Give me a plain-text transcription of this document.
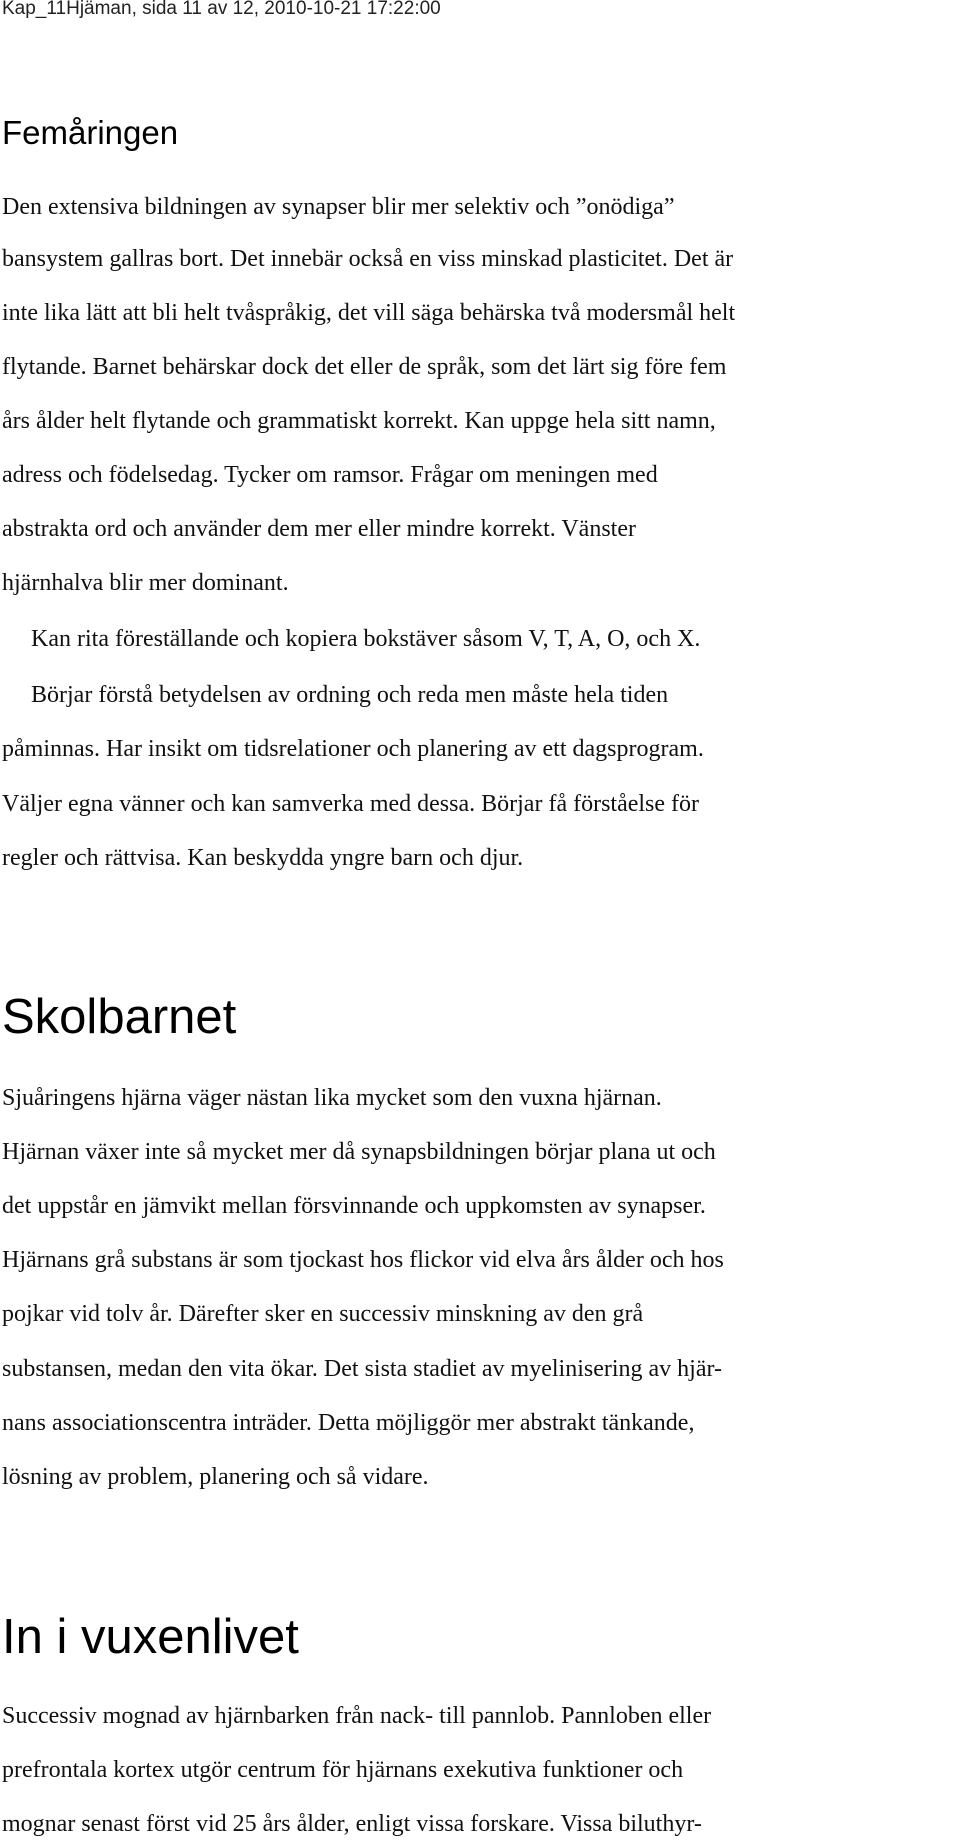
Kap_11Hjäman, sida 11 av 12, 2010-10-21 17:22:00
Femåringen
Den extensiva bildningen av synapser blir mer selektiv och ”onödiga”
bansystem gallras bort. Det innebär också en viss minskad plasticitet. Det är
inte lika lätt att bli helt tvåspråkig, det vill säga behärska två modersmål helt
flytande. Barnet behärskar dock det eller de språk, som det lärt sig före fem
års ålder helt flytande och grammatiskt korrekt. Kan uppge hela sitt namn,
adress och födelsedag. Tycker om ramsor. Frågar om meningen med
abstrakta ord och använder dem mer eller mindre korrekt. Vänster
hjärnhalva blir mer dominant.
Kan rita föreställande och kopiera bokstäver såsom V, T, A, O, och X.
Börjar förstå betydelsen av ordning och reda men måste hela tiden
påminnas. Har insikt om tidsrelationer och planering av ett dagsprogram.
Väljer egna vänner och kan samverka med dessa. Börjar få förståelse för
regler och rättvisa. Kan beskydda yngre barn och djur.
Skolbarnet
Sjuåringens hjärna väger nästan lika mycket som den vuxna hjärnan.
Hjärnan växer inte så mycket mer då synapsbildningen börjar plana ut och
det uppstår en jämvikt mellan försvinnande och uppkomsten av synapser.
Hjärnans grå substans är som tjockast hos flickor vid elva års ålder och hos
pojkar vid tolv år. Därefter sker en successiv minskning av den grå
substansen, medan den vita ökar. Det sista stadiet av myelinisering av hjär-
nans associationscentra inträder. Detta möjliggör mer abstrakt tänkande,
lösning av problem, planering och så vidare.
In i vuxenlivet
Successiv mognad av hjärnbarken från nack- till pannlob. Pannloben eller
prefrontala kortex utgör centrum för hjärnans exekutiva funktioner och
mognar senast först vid 25 års ålder, enligt vissa forskare. Vissa biluthyr-
